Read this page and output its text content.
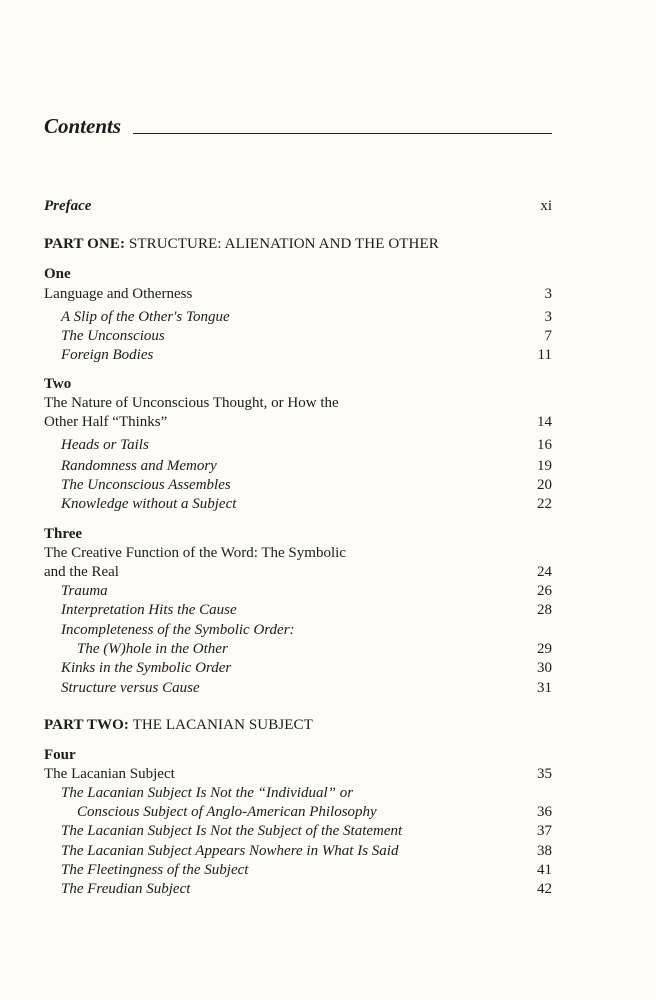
Contents
Preface	xi
PART ONE: STRUCTURE: ALIENATION AND THE OTHER
One
Language and Otherness	3
A Slip of the Other's Tongue	3
The Unconscious	7
Foreign Bodies	11
Two
The Nature of Unconscious Thought, or How the
Other Half “Thinks”	14
Heads or Tails	16
Randomness and Memory	19
The Unconscious Assembles	20
Knowledge without a Subject	22
Three
The Creative Function of the Word: The Symbolic
and the Real	24
Trauma	26
Interpretation Hits the Cause	28
Incompleteness of the Symbolic Order:
The (W)hole in the Other	29
Kinks in the Symbolic Order	30
Structure versus Cause	31
PART TWO: THE LACANIAN SUBJECT
Four
The Lacanian Subject	35
The Lacanian Subject Is Not the “Individual” or
Conscious Subject of Anglo-American Philosophy	36
The Lacanian Subject Is Not the Subject of the Statement	37
The Lacanian Subject Appears Nowhere in What Is Said	38
The Fleetingness of the Subject	41
The Freudian Subject	42
